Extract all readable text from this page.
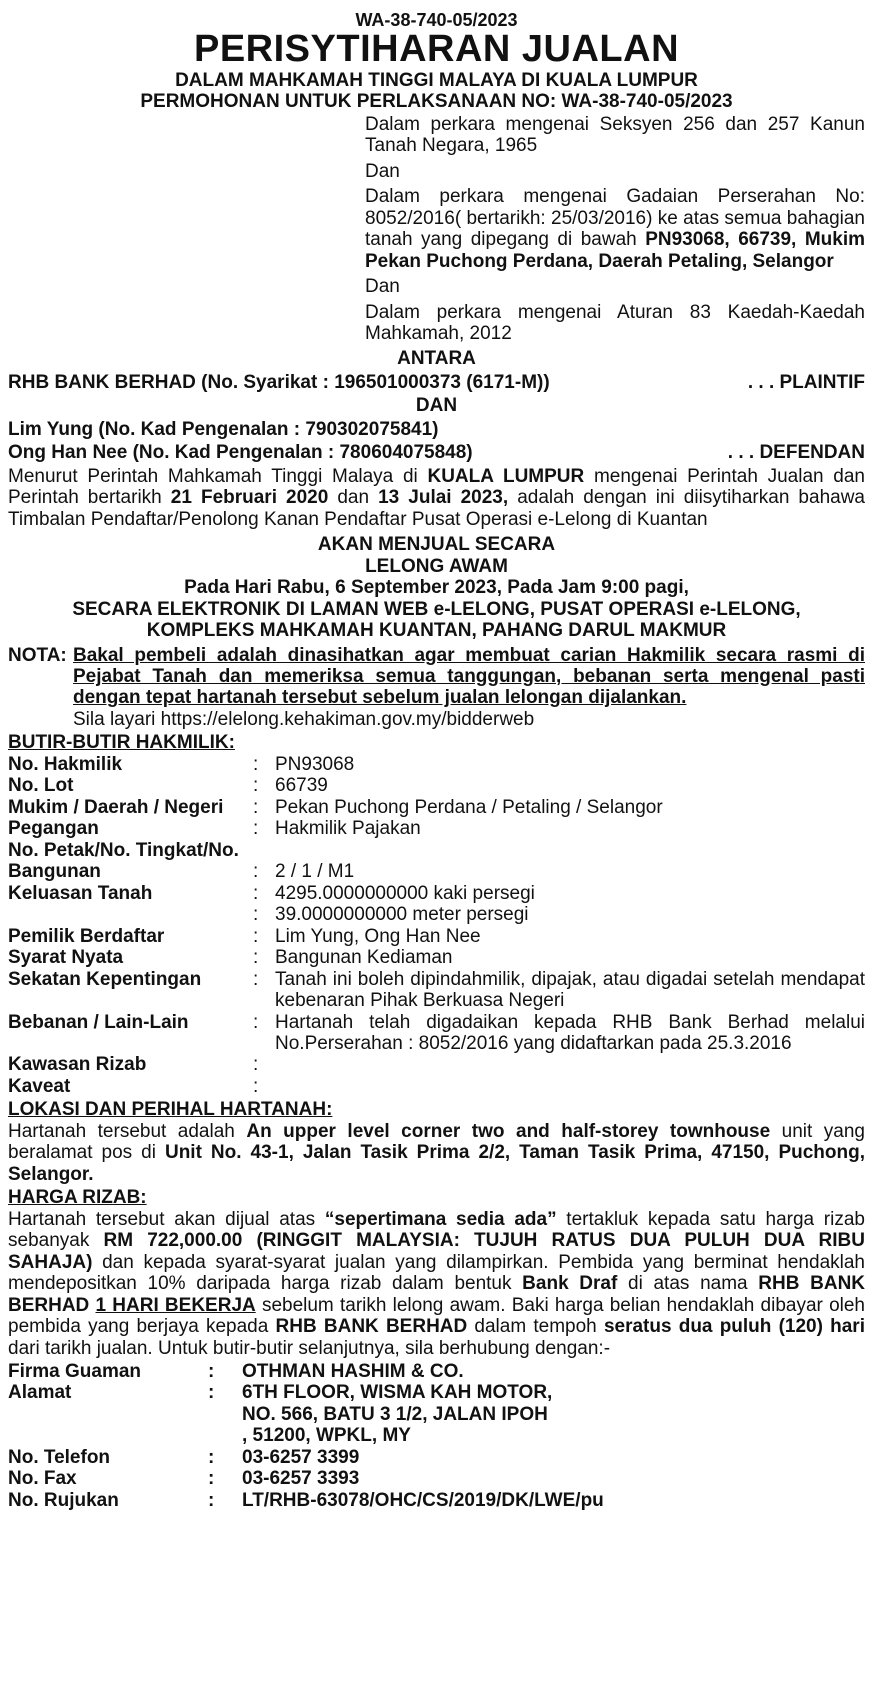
WA-38-740-05/2023
PERISYTIHARAN JUALAN
DALAM MAHKAMAH TINGGI MALAYA DI KUALA LUMPUR
PERMOHONAN UNTUK PERLAKSANAAN NO: WA-38-740-05/2023

Dalam perkara mengenai Seksyen 256 dan 257 Kanun Tanah Negara, 1965

Dan

Dalam perkara mengenai Gadaian Perserahan No: 8052/2016( bertarikh: 25/03/2016) ke atas semua bahagian tanah yang dipegang di bawah PN93068, 66739, Mukim Pekan Puchong Perdana, Daerah Petaling, Selangor

Dan

Dalam perkara mengenai Aturan 83 Kaedah-Kaedah Mahkamah, 2012

ANTARA
RHB BANK BERHAD (No. Syarikat : 196501000373 (6171-M))	. . . PLAINTIF
DAN
Lim Yung (No. Kad Pengenalan : 790302075841)
Ong Han Nee (No. Kad Pengenalan : 780604075848)	. . . DEFENDAN

Menurut Perintah Mahkamah Tinggi Malaya di KUALA LUMPUR mengenai Perintah Jualan dan Perintah bertarikh 21 Februari 2020 dan 13 Julai 2023, adalah dengan ini diisytiharkan bahawa Timbalan Pendaftar/Penolong Kanan Pendaftar Pusat Operasi e-Lelong di Kuantan

AKAN MENJUAL SECARA
LELONG AWAM
Pada Hari Rabu, 6 September 2023, Pada Jam 9:00 pagi,
SECARA ELEKTRONIK DI LAMAN WEB e-LELONG, PUSAT OPERASI e-LELONG,
KOMPLEKS MAHKAMAH KUANTAN, PAHANG DARUL MAKMUR
NOTA: Bakal pembeli adalah dinasihatkan agar membuat carian Hakmilik secara rasmi di Pejabat Tanah dan memeriksa semua tanggungan, bebanan serta mengenal pasti dengan tepat hartanah tersebut sebelum jualan lelongan dijalankan.

Sila layari https://elelong.kehakiman.gov.my/bidderweb

BUTIR-BUTIR HAKMILIK:
No. Hakmilik	: PN93068
No. Lot	: 66739
Mukim / Daerah / Negeri	: Pekan Puchong Perdana / Petaling / Selangor
Pegangan	: Hakmilik Pajakan
No. Petak/No. Tingkat/No.
Bangunan	: 2 / 1 / M1
Keluasan Tanah	: 4295.0000000000 kaki persegi
: 39.0000000000 meter persegi
Pemilik Berdaftar	: Lim Yung, Ong Han Nee
Syarat Nyata	: Bangunan Kediaman
Sekatan Kepentingan	: Tanah ini boleh dipindahmilik, dipajak, atau digadai setelah mendapat kebenaran Pihak Berkuasa Negeri
Bebanan / Lain-Lain	: Hartanah telah digadaikan kepada RHB Bank Berhad melalui No.Perserahan : 8052/2016 yang didaftarkan pada 25.3.2016
Kawasan Rizab	:
Kaveat	:
LOKASI DAN PERIHAL HARTANAH:

Hartanah tersebut adalah An upper level corner two and half-storey townhouse unit yang beralamat pos di Unit No. 43-1, Jalan Tasik Prima 2/2, Taman Tasik Prima, 47150, Puchong, Selangor.

HARGA RIZAB:

Hartanah tersebut akan dijual atas “sepertimana sedia ada” tertakluk kepada satu harga rizab sebanyak RM 722,000.00 (RINGGIT MALAYSIA: TUJUH RATUS DUA PULUH DUA RIBU SAHAJA) dan kepada syarat-syarat jualan yang dilampirkan. Pembida yang berminat hendaklah mendepositkan 10% daripada harga rizab dalam bentuk Bank Draf di atas nama RHB BANK BERHAD 1 HARI BEKERJA sebelum tarikh lelong awam. Baki harga belian hendaklah dibayar oleh pembida yang berjaya kepada RHB BANK BERHAD dalam tempoh seratus dua puluh (120) hari dari tarikh jualan. Untuk butir-butir selanjutnya, sila berhubung dengan:-

Firma Guaman	:	OTHMAN HASHIM & CO.
Alamat	:	6TH FLOOR, WISMA KAH MOTOR,
NO. 566, BATU 3 1/2, JALAN IPOH
, 51200, WPKL, MY
No. Telefon	:	03-6257 3399
No. Fax	:	03-6257 3393
No. Rujukan	:	LT/RHB-63078/OHC/CS/2019/DK/LWE/pu
